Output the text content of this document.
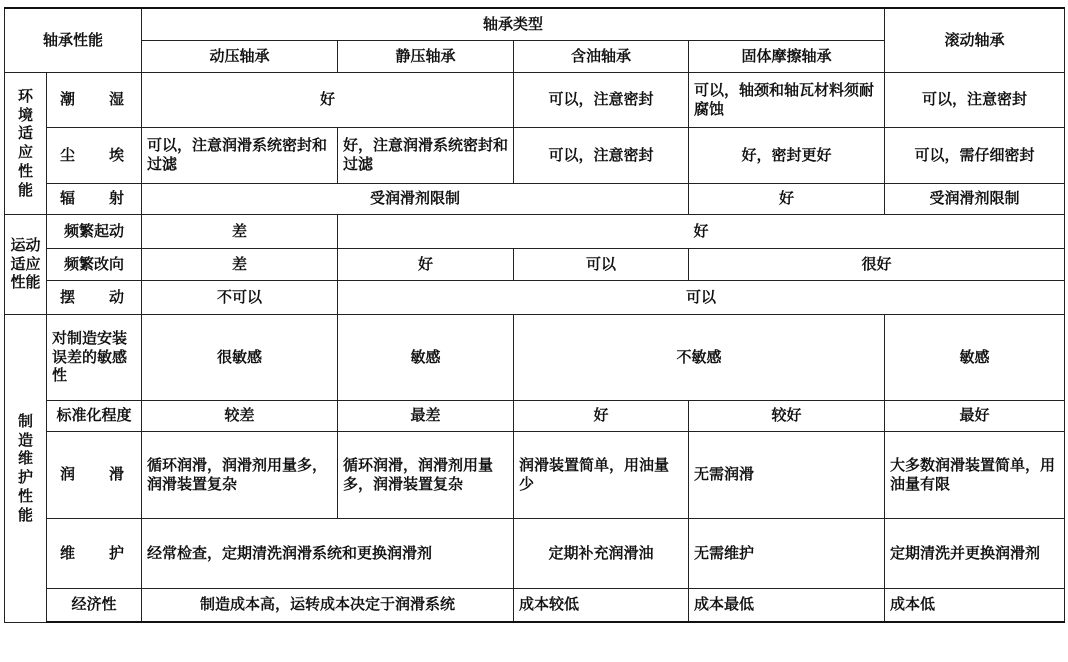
轴承性能		轴承类型				滚动轴承
		动压轴承	静压轴承	含油轴承	固体摩擦轴承	
环境适应性能	潮 湿	好		可以，注意密封	可以，轴颈和轴瓦材料须耐腐蚀	可以，注意密封

	尘 埃	可以，注意润滑系统密封和过滤	好，注意润滑系统密封和过滤	可以，注意密封	好，密封更好	可以，需仔细密封

	辐 射	受润滑剂限制			好	受润滑剂限制
运动适应性能	频繁起动	差	好			
	频繁改向	差	好	可以	很好	

	摆 动	不可以	可以			
制造维护性能	对制造安装误差的敏感性	很敏感	敏感	不敏感		敏感
	标准化程度	较差	最差	好	较好	最好

	润 滑	循环润滑，润滑剂用量多，润滑装置复杂	循环润滑，润滑剂用量多，润滑装置复杂	润滑装置简单，用油量少	无需润滑	大多数润滑装置简单，用油量有限

	维 护	经常检查，定期清洗润滑系统和更换润滑剂		定期补充润滑油	无需维护	定期清洗并更换润滑剂
	经济性	制造成本高，运转成本决定于润滑系统		成本较低	成本最低	成本低
